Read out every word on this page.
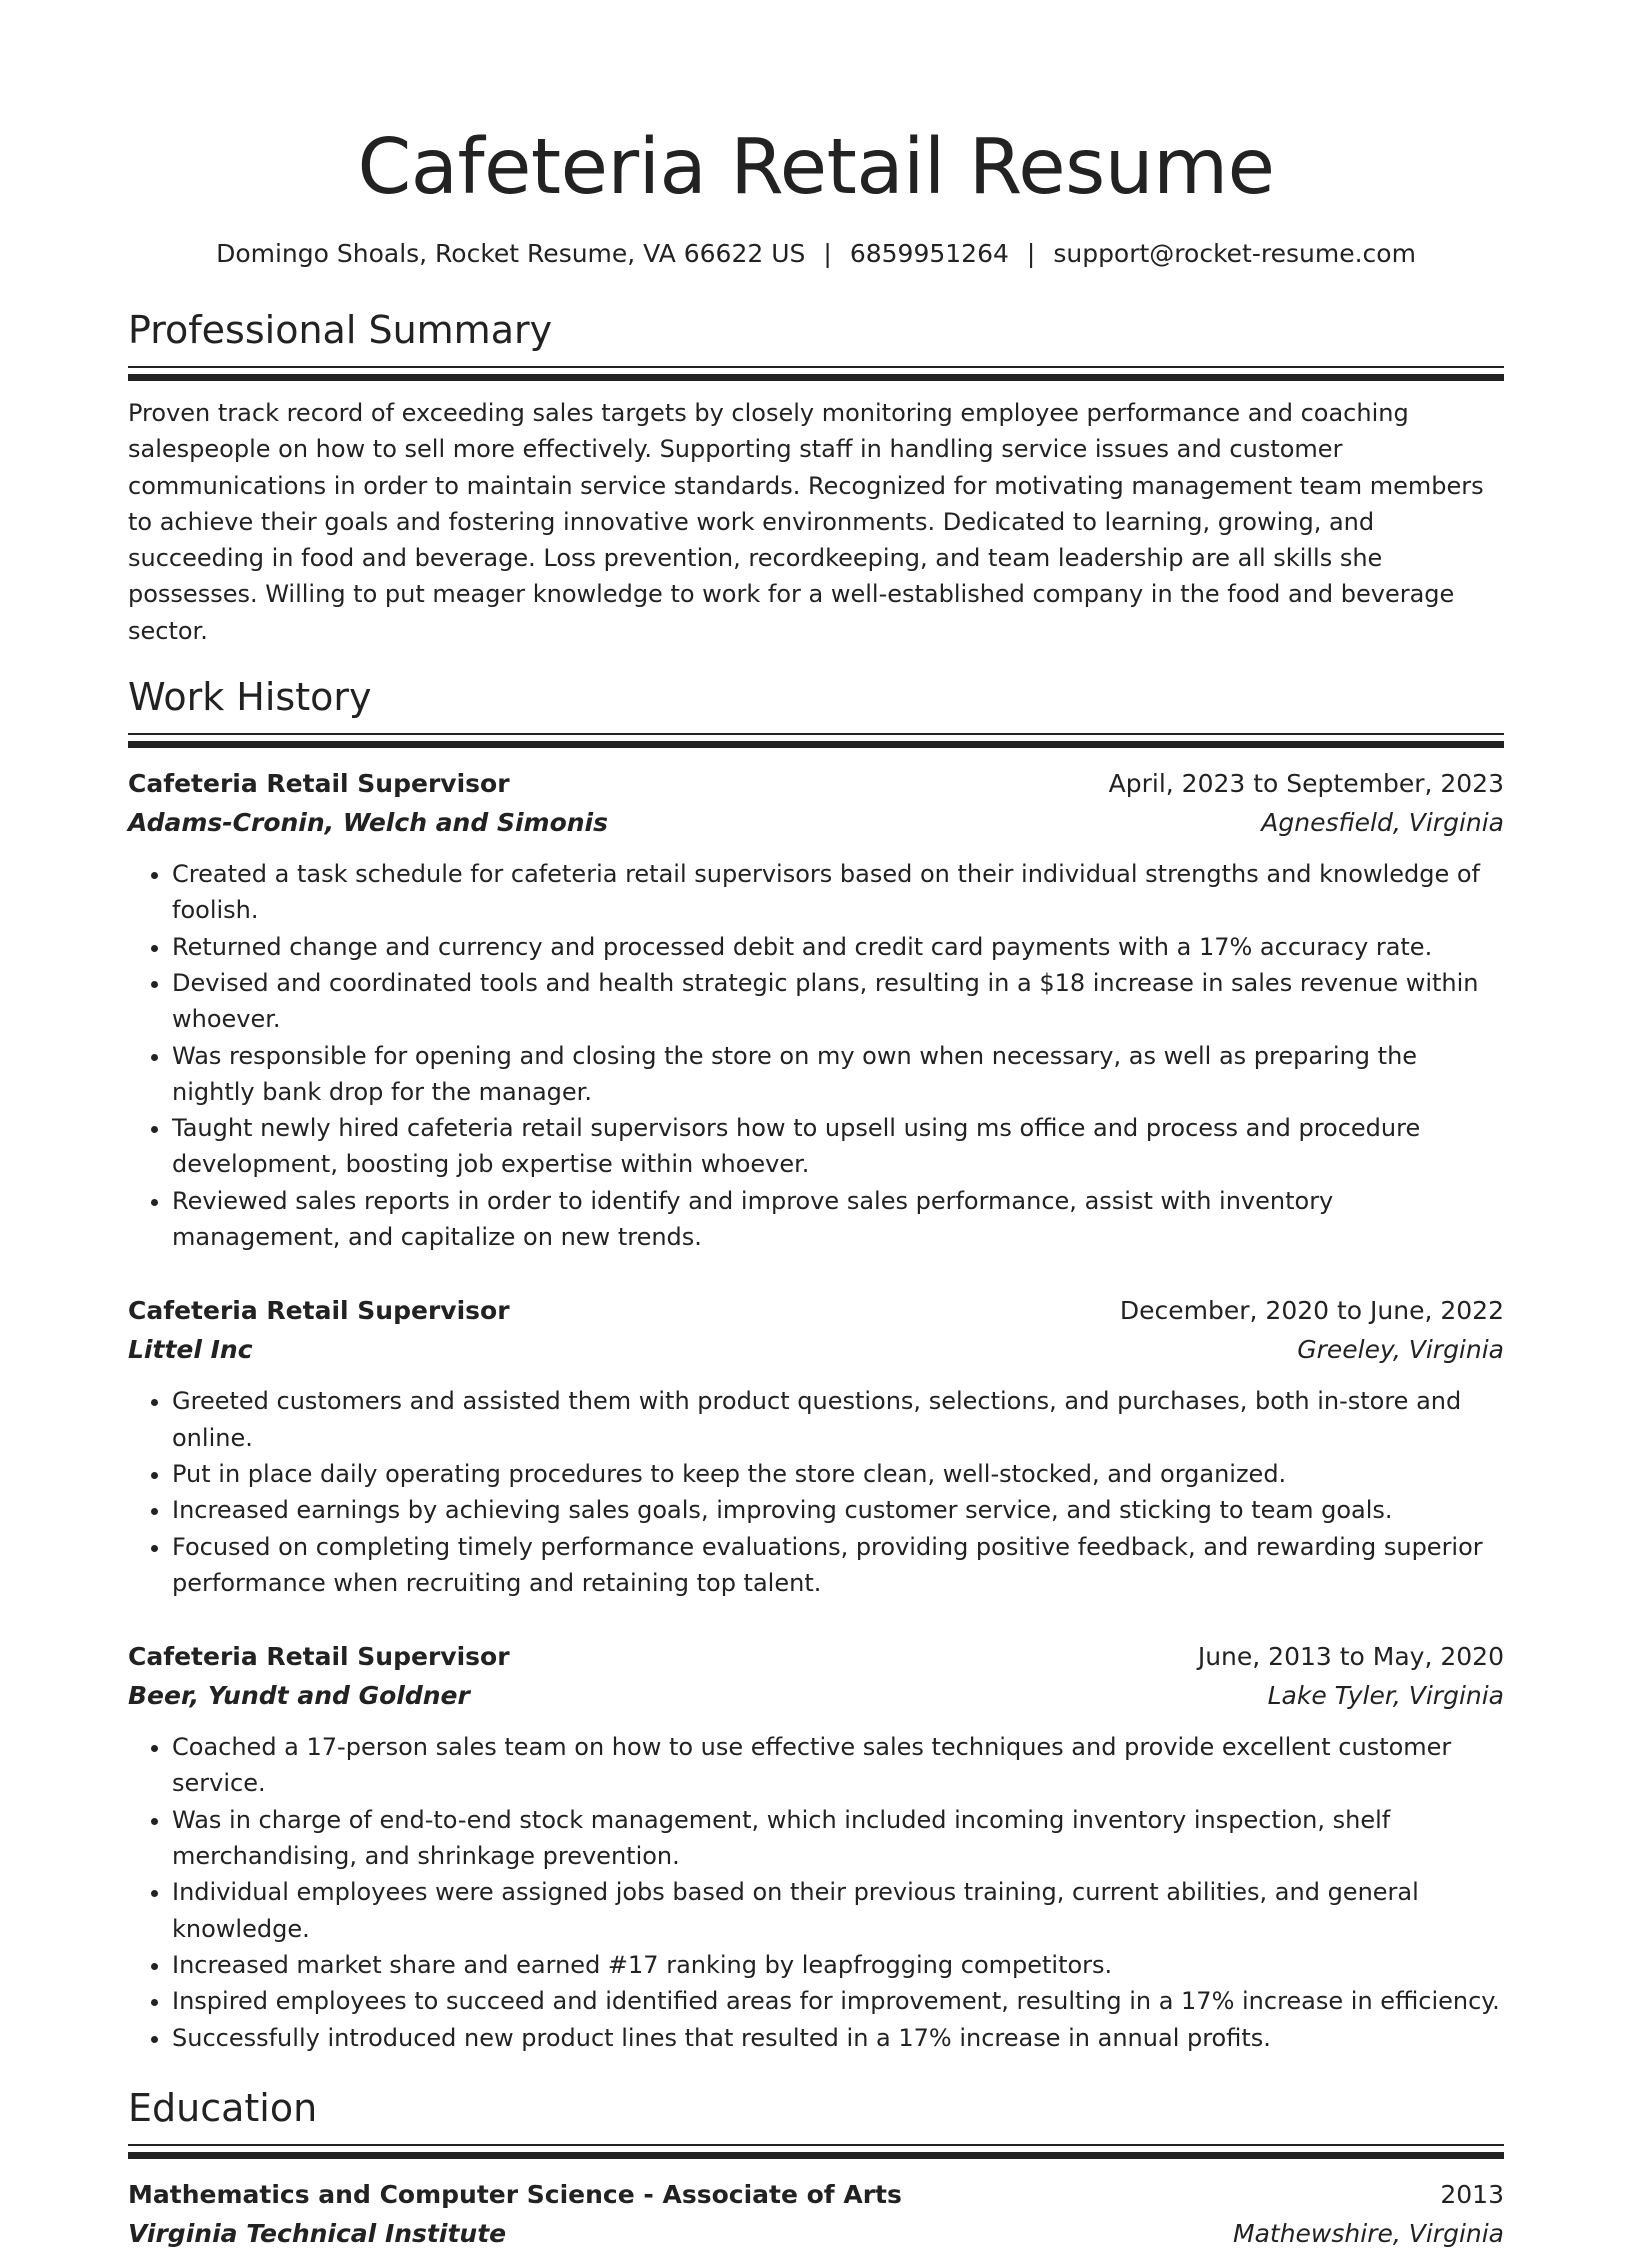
Cafeteria Retail Resume
Domingo Shoals, Rocket Resume, VA 66622 US | 6859951264 | support@rocket-resume.com
Professional Summary

Proven track record of exceeding sales targets by closely monitoring employee performance and coaching salespeople on how to sell more effectively. Supporting staff in handling service issues and customer communications in order to maintain service standards. Recognized for motivating management team members to achieve their goals and fostering innovative work environments. Dedicated to learning, growing, and succeeding in food and beverage. Loss prevention, recordkeeping, and team leadership are all skills she possesses. Willing to put meager knowledge to work for a well-established company in the food and beverage sector.

Work History
Cafeteria Retail Supervisor	April, 2023 to September, 2023
Adams-Cronin, Welch and Simonis	Agnesfield, Virginia
• Created a task schedule for cafeteria retail supervisors based on their individual strengths and knowledge of foolish.
• Returned change and currency and processed debit and credit card payments with a 17% accuracy rate.
• Devised and coordinated tools and health strategic plans, resulting in a $18 increase in sales revenue within whoever.
• Was responsible for opening and closing the store on my own when necessary, as well as preparing the nightly bank drop for the manager.
• Taught newly hired cafeteria retail supervisors how to upsell using ms office and process and procedure development, boosting job expertise within whoever.
• Reviewed sales reports in order to identify and improve sales performance, assist with inventory management, and capitalize on new trends.
Cafeteria Retail Supervisor	December, 2020 to June, 2022
Littel Inc	Greeley, Virginia
• Greeted customers and assisted them with product questions, selections, and purchases, both in-store and online.
• Put in place daily operating procedures to keep the store clean, well-stocked, and organized.
• Increased earnings by achieving sales goals, improving customer service, and sticking to team goals.
• Focused on completing timely performance evaluations, providing positive feedback, and rewarding superior performance when recruiting and retaining top talent.
Cafeteria Retail Supervisor	June, 2013 to May, 2020
Beer, Yundt and Goldner	Lake Tyler, Virginia
• Coached a 17-person sales team on how to use effective sales techniques and provide excellent customer service.
• Was in charge of end-to-end stock management, which included incoming inventory inspection, shelf merchandising, and shrinkage prevention.
• Individual employees were assigned jobs based on their previous training, current abilities, and general knowledge.
• Increased market share and earned #17 ranking by leapfrogging competitors.
• Inspired employees to succeed and identified areas for improvement, resulting in a 17% increase in efficiency.
• Successfully introduced new product lines that resulted in a 17% increase in annual profits.
Education
Mathematics and Computer Science - Associate of Arts	2013
Virginia Technical Institute	Mathewshire, Virginia
